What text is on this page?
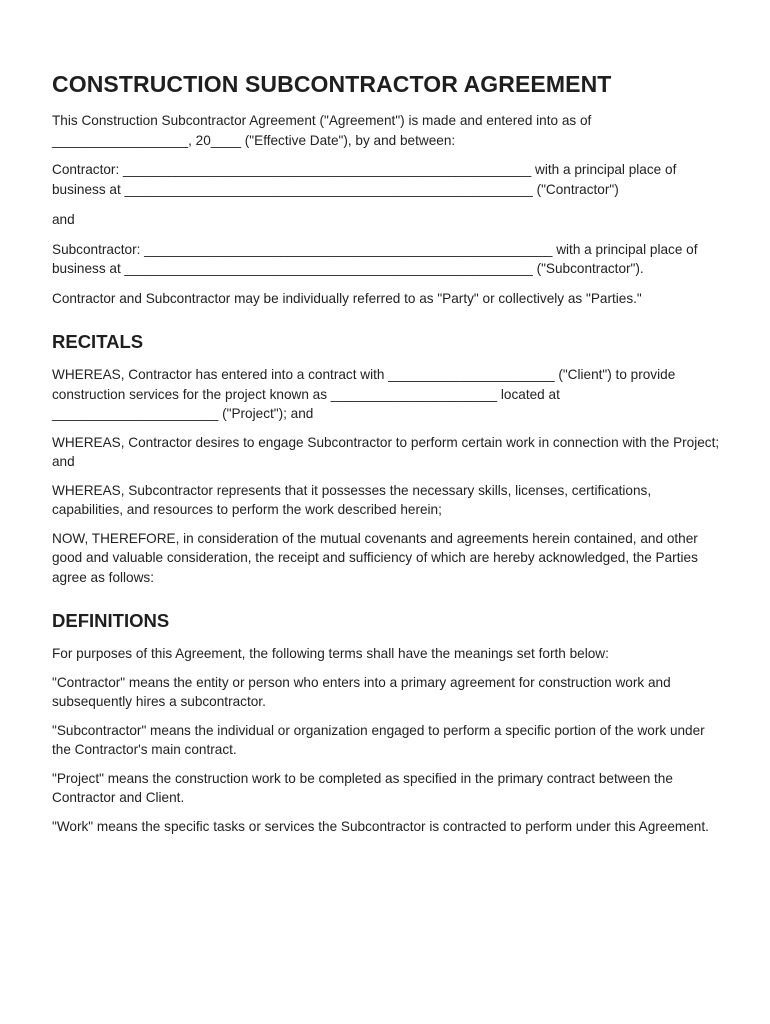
CONSTRUCTION SUBCONTRACTOR AGREEMENT

This Construction Subcontractor Agreement ("Agreement") is made and entered into as of __________________, 20____ ("Effective Date"), by and between:

Contractor: ______________________________________________________ with a principal place of business at ______________________________________________________ ("Contractor")

and

Subcontractor: ______________________________________________________ with a principal place of business at ______________________________________________________ ("Subcontractor").

Contractor and Subcontractor may be individually referred to as "Party" or collectively as "Parties."

RECITALS

WHEREAS, Contractor has entered into a contract with ______________________ ("Client") to provide construction services for the project known as ______________________ located at ______________________ ("Project"); and

WHEREAS, Contractor desires to engage Subcontractor to perform certain work in connection with the Project; and

WHEREAS, Subcontractor represents that it possesses the necessary skills, licenses, certifications, capabilities, and resources to perform the work described herein;

NOW, THEREFORE, in consideration of the mutual covenants and agreements herein contained, and other good and valuable consideration, the receipt and sufficiency of which are hereby acknowledged, the Parties agree as follows:

DEFINITIONS

For purposes of this Agreement, the following terms shall have the meanings set forth below:

"Contractor" means the entity or person who enters into a primary agreement for construction work and subsequently hires a subcontractor.

"Subcontractor" means the individual or organization engaged to perform a specific portion of the work under the Contractor's main contract.

"Project" means the construction work to be completed as specified in the primary contract between the Contractor and Client.

"Work" means the specific tasks or services the Subcontractor is contracted to perform under this Agreement.
